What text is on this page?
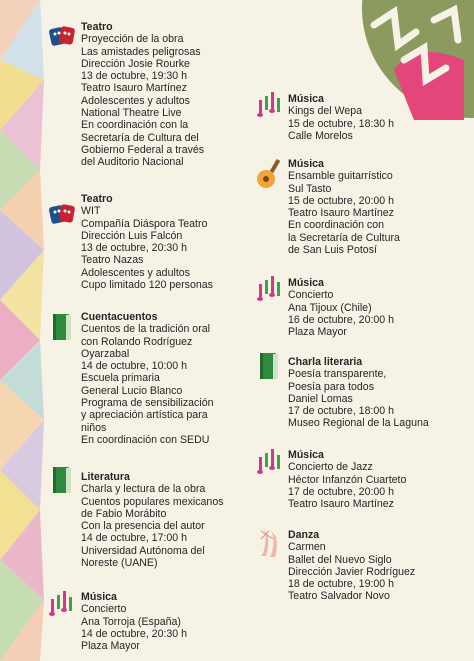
Teatro
Proyección de la obra
Las amistades peligrosas
Dirección Josie Rourke
13 de octubre, 19:30 h
Teatro Isauro Martínez
Adolescentes y adultos
National Theatre Live
En coordinación con la
Secretaría de Cultura del
Gobierno Federal a través
del Auditorio Nacional
Teatro
WIT
Compañía Diáspora Teatro
Dirección Luis Falcón
13 de octubre, 20:30 h
Teatro Nazas
Adolescentes y adultos
Cupo limitado 120 personas
Cuentacuentos
Cuentos de la tradición oral
con Rolando Rodríguez
Oyarzabal
14 de octubre, 10:00 h
Escuela primaria
General Lucio Blanco
Programa de sensibilización
y apreciación artística para
niños
En coordinación con SEDU
Literatura
Charla y lectura de la obra
Cuentos populares mexicanos
de Fabio Morábito
Con la presencia del autor
14 de octubre, 17:00 h
Universidad Autónoma del
Noreste (UANE)
Música
Concierto
Ana Torroja (España)
14 de octubre, 20:30 h
Plaza Mayor
Música
Kings del Wepa
15 de octubre, 18:30 h
Calle Morelos
Música
Ensamble guitarrístico
Sul Tasto
15 de octubre, 20:00 h
Teatro Isauro Martínez
En coordinación con
la Secretaría de Cultura
de San Luis Potosí
Música
Concierto
Ana Tijoux (Chile)
16 de octubre, 20:00 h
Plaza Mayor
Charla literaria
Poesía transparente,
Poesía para todos
Daniel Lomas
17 de octubre, 18:00 h
Museo Regional de la Laguna
Música
Concierto de Jazz
Héctor Infanzón Cuarteto
17 de octubre, 20:00 h
Teatro Isauro Martínez
Danza
Carmen
Ballet del Nuevo Siglo
Dirección Javier Rodríguez
18 de octubre, 19:00 h
Teatro Salvador Novo
